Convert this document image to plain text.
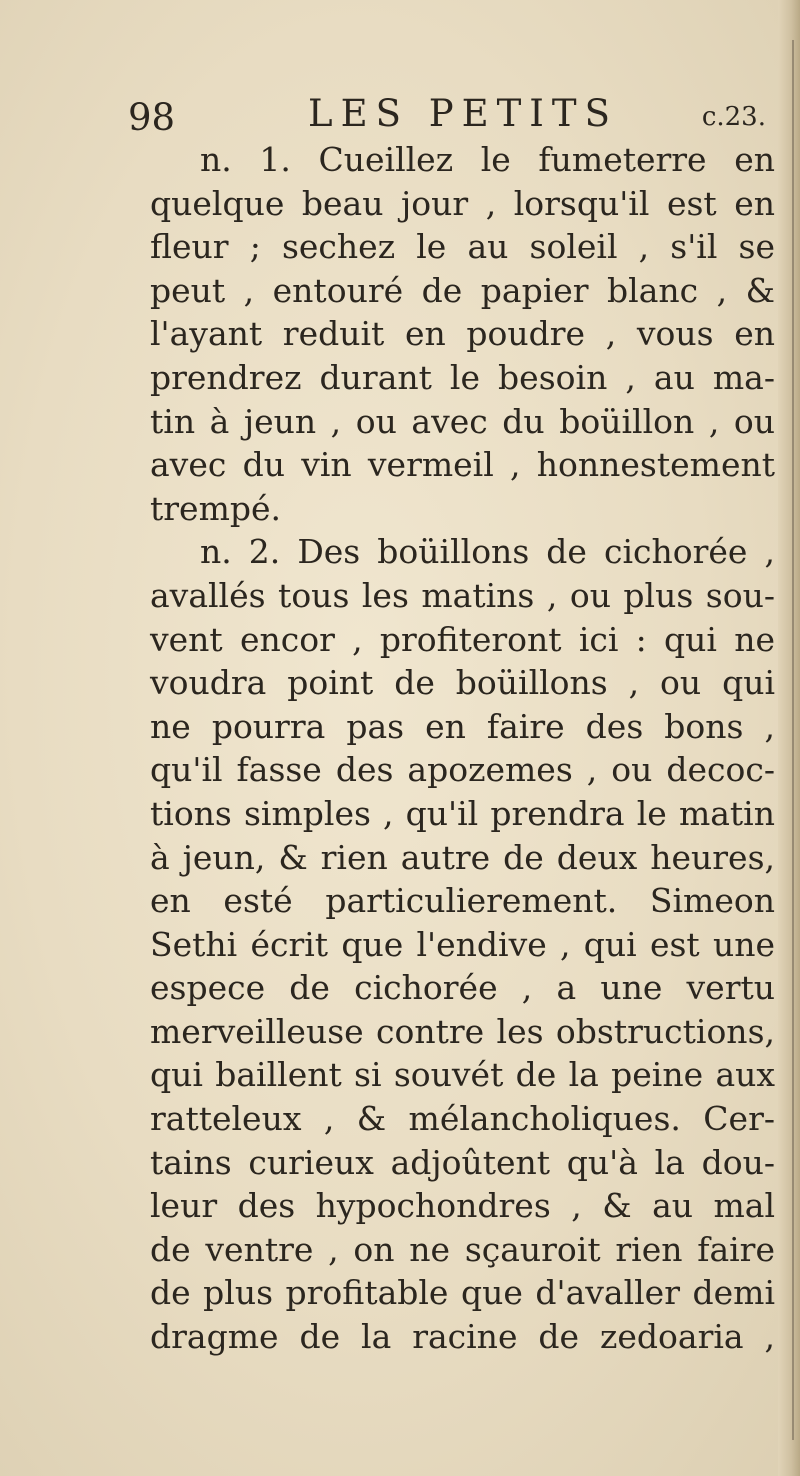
98	LES PETITS	c.23.
n. 1. Cueillez le fumeterre en
quelque beau jour , lorsqu'il est en
fleur ; sechez le au soleil , s'il se
peut , entouré de papier blanc , &
l'ayant reduit en poudre , vous en
prendrez durant le besoin , au ma-
tin à jeun , ou avec du boüillon , ou
avec du vin vermeil , honnestement
trempé.
n. 2. Des boüillons de cichorée ,
avallés tous les matins , ou plus sou-
vent encor , profiteront ici : qui ne
voudra point de boüillons , ou qui
ne pourra pas en faire des bons ,
qu'il fasse des apozemes , ou decoc-
tions simples , qu'il prendra le matin
à jeun, & rien autre de deux heures,
en esté particulierement. Simeon
Sethi écrit que l'endive , qui est une
espece de cichorée , a une vertu
merveilleuse contre les obstructions,
qui baillent si souvét de la peine aux
ratteleux , & mélancholiques. Cer-
tains curieux adjoûtent qu'à la dou-
leur des hypochondres , & au mal
de ventre , on ne sçauroit rien faire
de plus profitable que d'avaller demi
dragme de la racine de zedoaria ,
